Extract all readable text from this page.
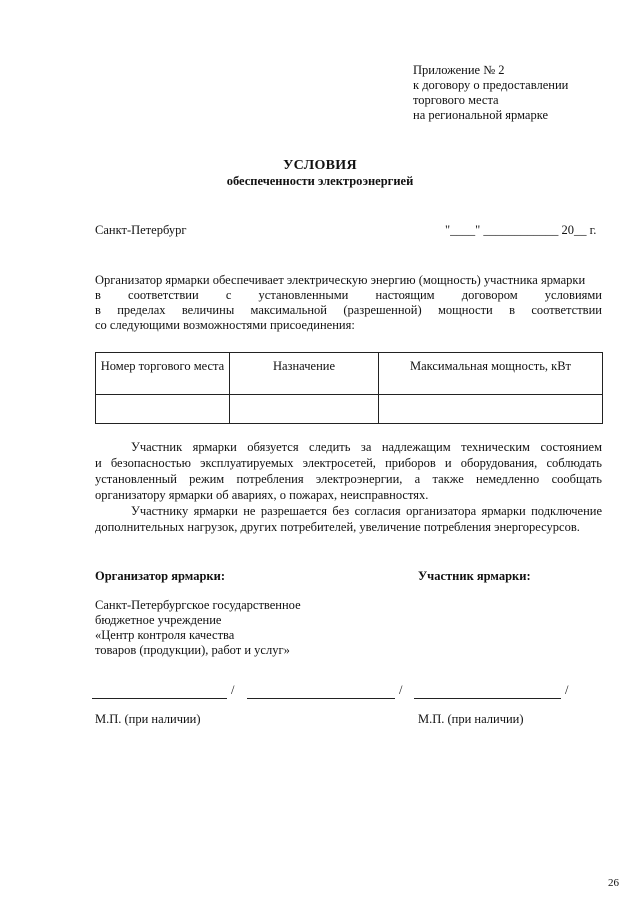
Приложение № 2
к договору о предоставлении
торгового места
на региональной ярмарке
УСЛОВИЯ
обеспеченности электроэнергией
Санкт-Петербург	"____" ____________ 20__ г.
Организатор ярмарки обеспечивает электрическую энергию (мощность) участника ярмарки
в соответствии с установленными настоящим договором условиями
в пределах величины максимальной (разрешенной) мощности в соответствии
со следующими возможностями присоединения:
Номер торгового места	Назначение	Максимальная мощность, кВт

Участник ярмарки обязуется следить за надлежащим техническим состоянием
и безопасностью эксплуатируемых электросетей, приборов и оборудования, соблюдать
установленный режим потребления электроэнергии, а также немедленно сообщать
организатору ярмарки об авариях, о пожарах, неисправностях.
Участнику ярмарки не разрешается без согласия организатора ярмарки подключение
дополнительных нагрузок, других потребителей, увеличение потребления энергоресурсов.
Организатор ярмарки:	Участник ярмарки:
Санкт-Петербургское государственное
бюджетное учреждение
«Центр контроля качества
товаров (продукции), работ и услуг»
/	/	/
М.П. (при наличии)	М.П. (при наличии)
26
